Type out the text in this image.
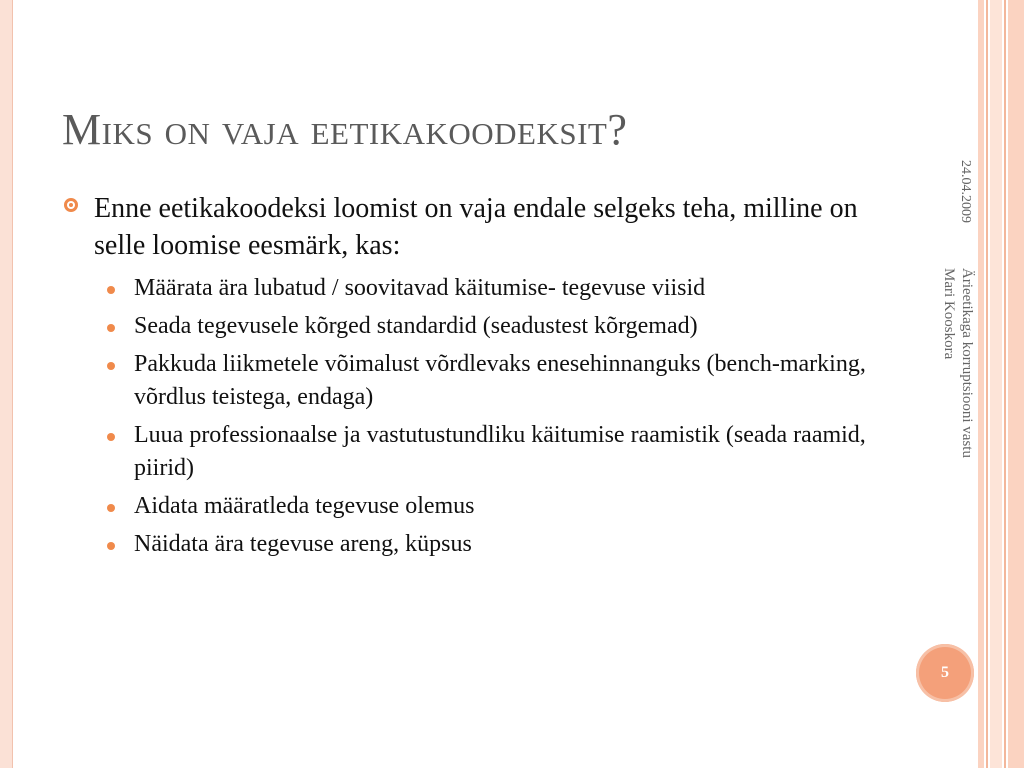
Miks on vaja eetikakoodeksit?
Enne eetikakoodeksi loomist on vaja endale selgeks teha, milline on selle loomise eesmärk, kas:
Määrata ära lubatud / soovitavad käitumise- tegevuse viisid
Seada tegevusele kõrged standardid (seadustest kõrgemad)
Pakkuda liikmetele võimalust võrdlevaks enesehinnanguks (bench-marking, võrdlus teistega, endaga)
Luua professionaalse ja vastutustundliku käitumise raamistik (seada raamid, piirid)
Aidata määratleda tegevuse olemus
Näidata ära tegevuse areng, küpsus
24.04.2009
Ärieetikaga korruptsiooni vastu
Mari Kooskora
5
